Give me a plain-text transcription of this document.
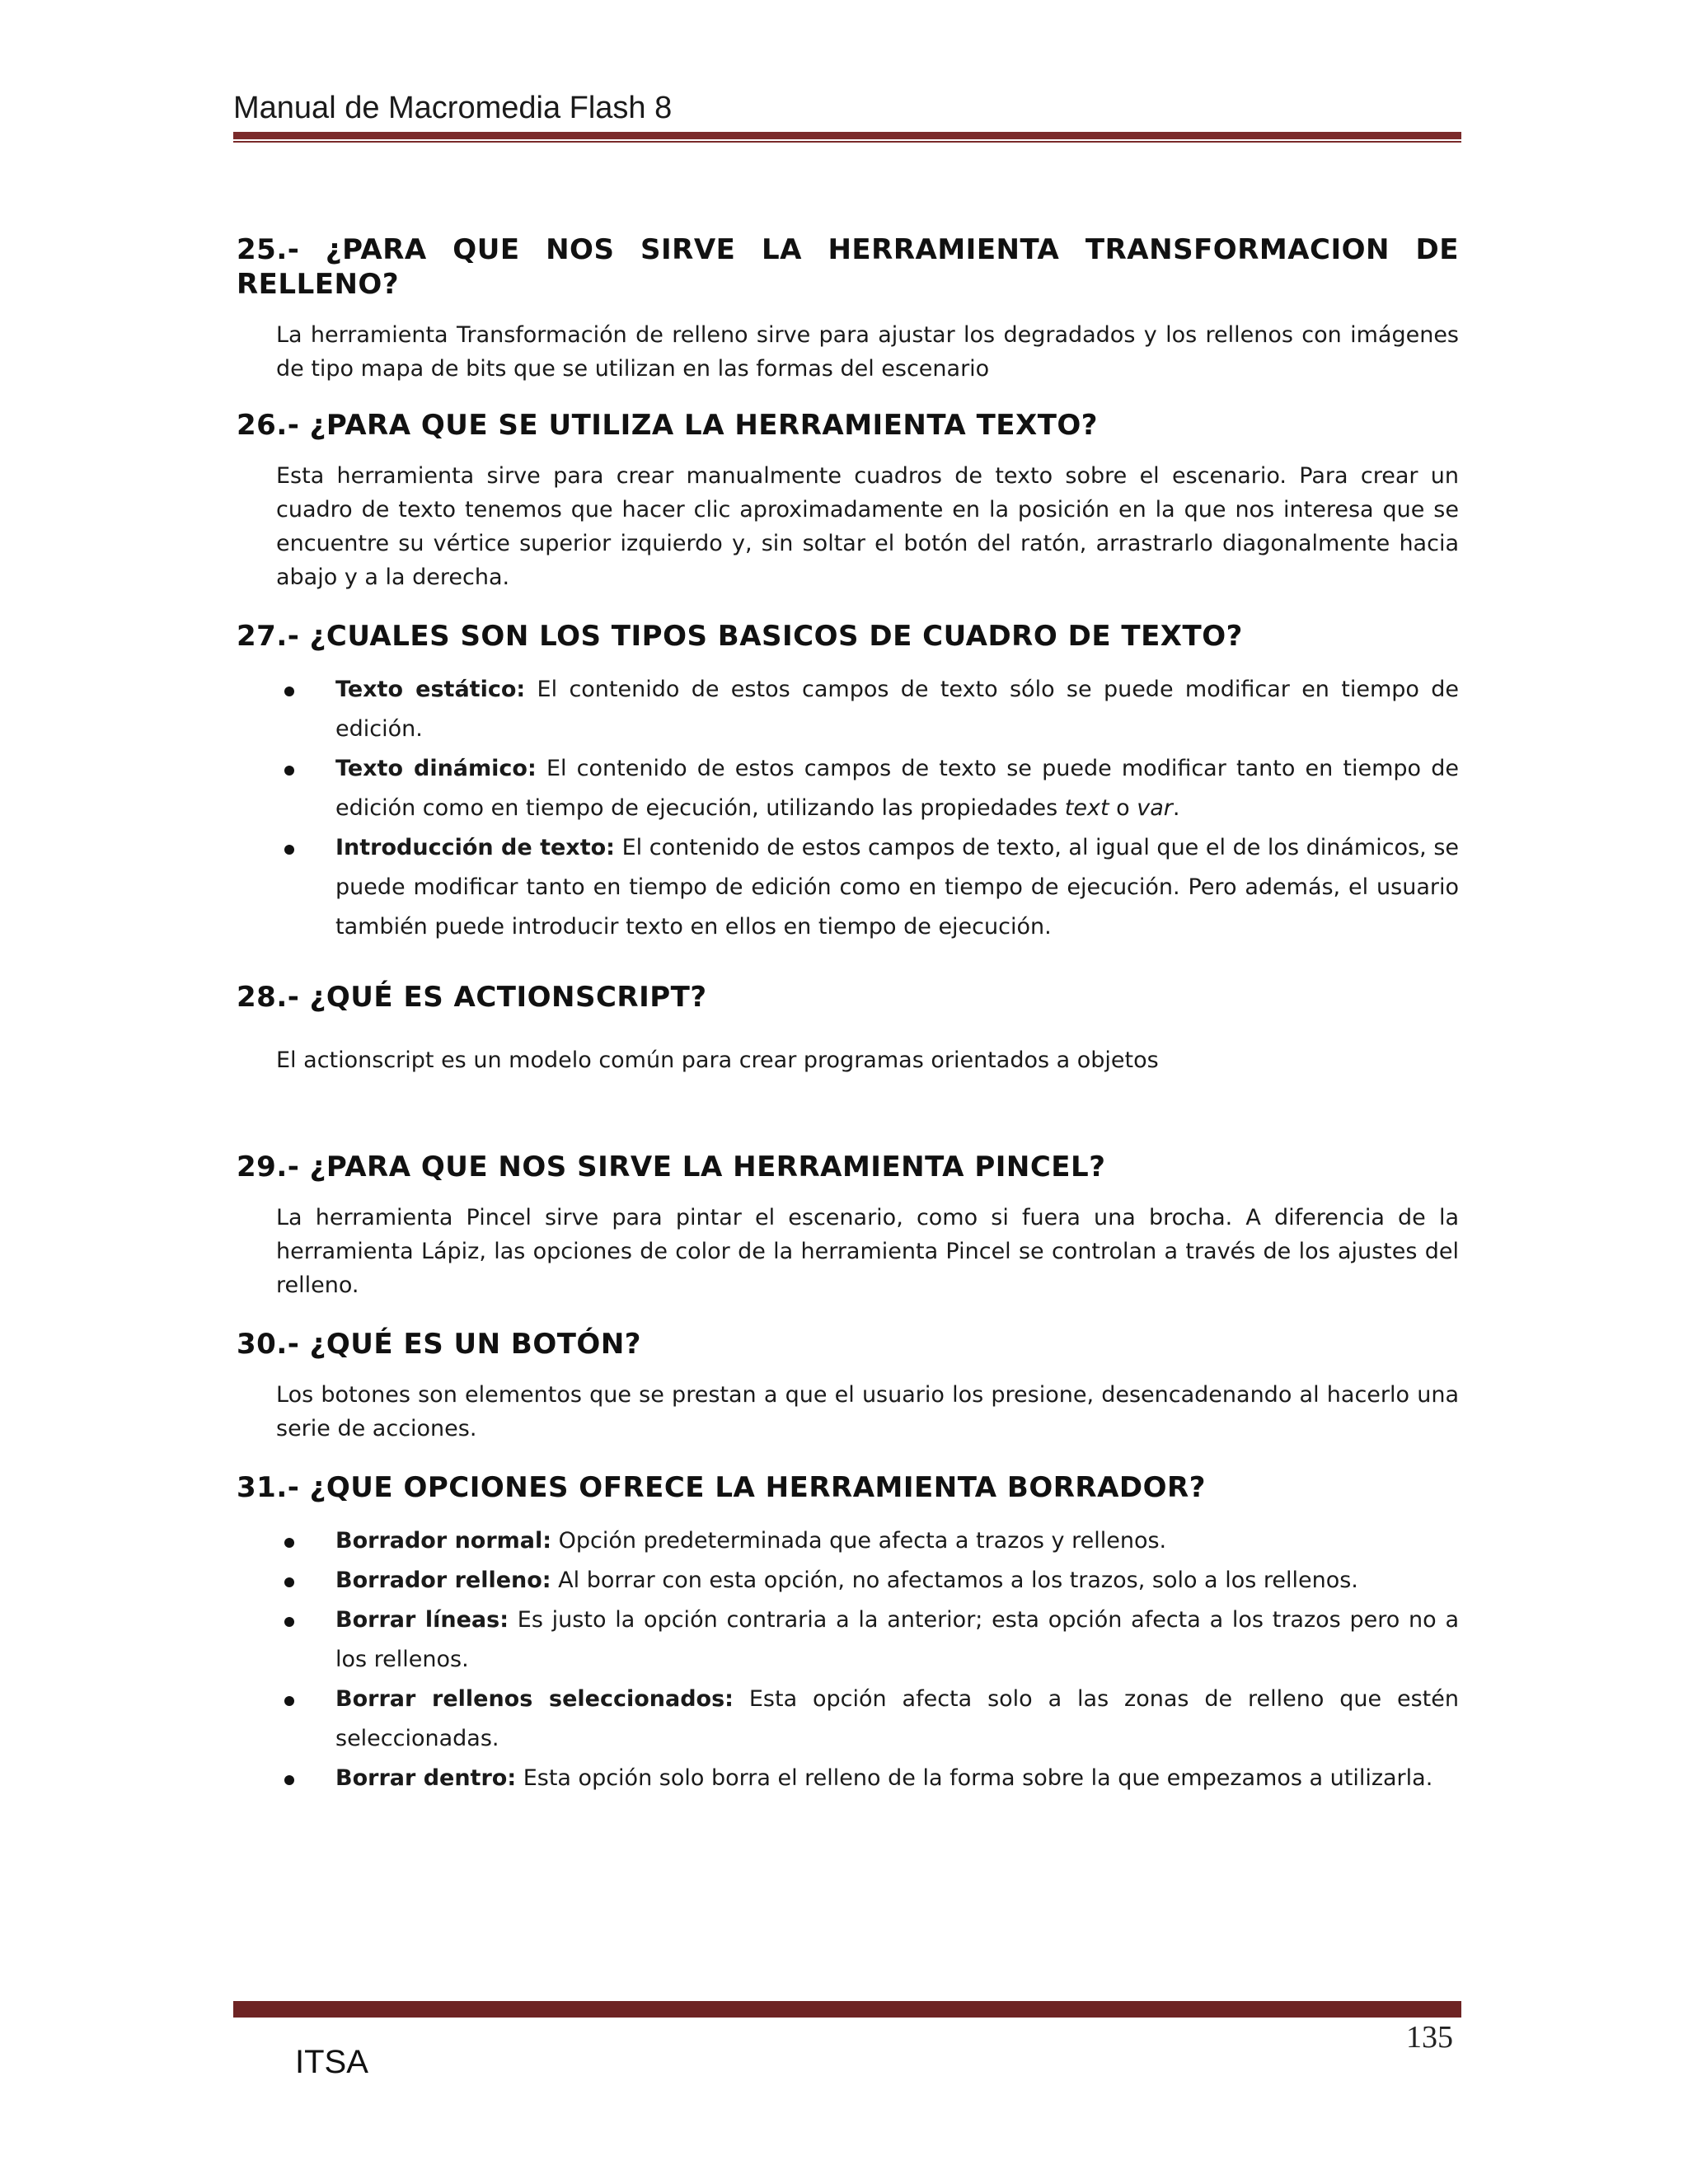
Manual de Macromedia Flash 8
25.- ¿PARA QUE NOS SIRVE LA HERRAMIENTA TRANSFORMACION DE RELLENO?

La herramienta Transformación de relleno sirve para ajustar los degradados y los rellenos con imágenes de tipo mapa de bits que se utilizan en las formas del escenario

26.- ¿PARA QUE SE UTILIZA LA HERRAMIENTA TEXTO?

Esta herramienta sirve para crear manualmente cuadros de texto sobre el escenario. Para crear un cuadro de texto tenemos que hacer clic aproximadamente en la posición en la que nos interesa que se encuentre su vértice superior izquierdo y, sin soltar el botón del ratón, arrastrarlo diagonalmente hacia abajo y a la derecha.

27.- ¿CUALES SON LOS TIPOS BASICOS DE CUADRO DE TEXTO?
Texto estático: El contenido de estos campos de texto sólo se puede modificar en tiempo de edición.
Texto dinámico: El contenido de estos campos de texto se puede modificar tanto en tiempo de edición como en tiempo de ejecución, utilizando las propiedades text o var.
Introducción de texto: El contenido de estos campos de texto, al igual que el de los dinámicos, se puede modificar tanto en tiempo de edición como en tiempo de ejecución. Pero además, el usuario también puede introducir texto en ellos en tiempo de ejecución.
28.- ¿QUÉ ES ACTIONSCRIPT?

El actionscript es un modelo común para crear programas orientados a objetos

29.- ¿PARA QUE NOS SIRVE LA HERRAMIENTA PINCEL?

La herramienta Pincel sirve para pintar el escenario, como si fuera una brocha. A diferencia de la herramienta Lápiz, las opciones de color de la herramienta Pincel se controlan a través de los ajustes del relleno.

30.- ¿QUÉ ES UN BOTÓN?

Los botones son elementos que se prestan a que el usuario los presione, desencadenando al hacerlo una serie de acciones.

31.- ¿QUE OPCIONES OFRECE LA HERRAMIENTA BORRADOR?
Borrador normal: Opción predeterminada que afecta a trazos y rellenos.
Borrador relleno: Al borrar con esta opción, no afectamos a los trazos, solo a los rellenos.
Borrar líneas: Es justo la opción contraria a la anterior; esta opción afecta a los trazos pero no a los rellenos.
Borrar rellenos seleccionados: Esta opción afecta solo a las zonas de relleno que estén seleccionadas.
Borrar dentro: Esta opción solo borra el relleno de la forma sobre la que empezamos a utilizarla.
135
ITSA
